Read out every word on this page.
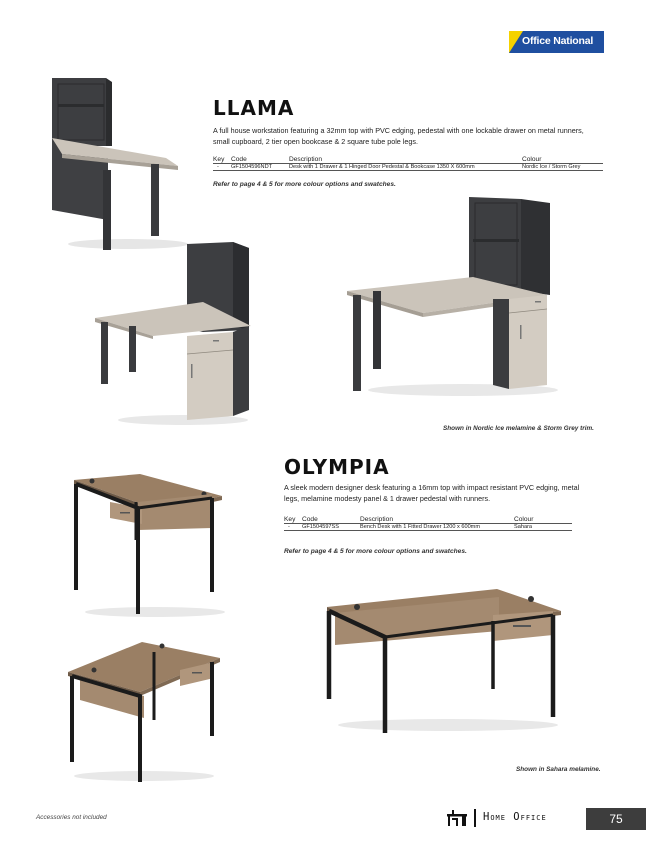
Office National
LLAMA

A full house workstation featuring a 32mm top with PVC edging, pedestal with one lockable drawer on metal runners, small cupboard, 2 tier open bookcase & 2 square tube pole legs.

Key	Code	Description	Colour
-	GF1504596NDT	Desk with 1 Drawer & 1 Hinged Door Pedestal & Bookcase 1350 X 600mm	Nordic Ice / Storm Grey

Refer to page 4 & 5 for more colour options and swatches.

Shown in Nordic Ice melamine & Storm Grey trim.

OLYMPIA

A sleek modern designer desk featuring a 16mm top with impact resistant PVC edging, metal legs, melamine modesty panel & 1 drawer pedestal with runners.

Key	Code	Description	Colour
-	GF1504597SS	Bench Desk with 1 Fitted Drawer 1200 x 600mm	Sahara

Refer to page 4 & 5 for more colour options and swatches.

Shown in Sahara melamine.

Accessories not included	Home Office	75
